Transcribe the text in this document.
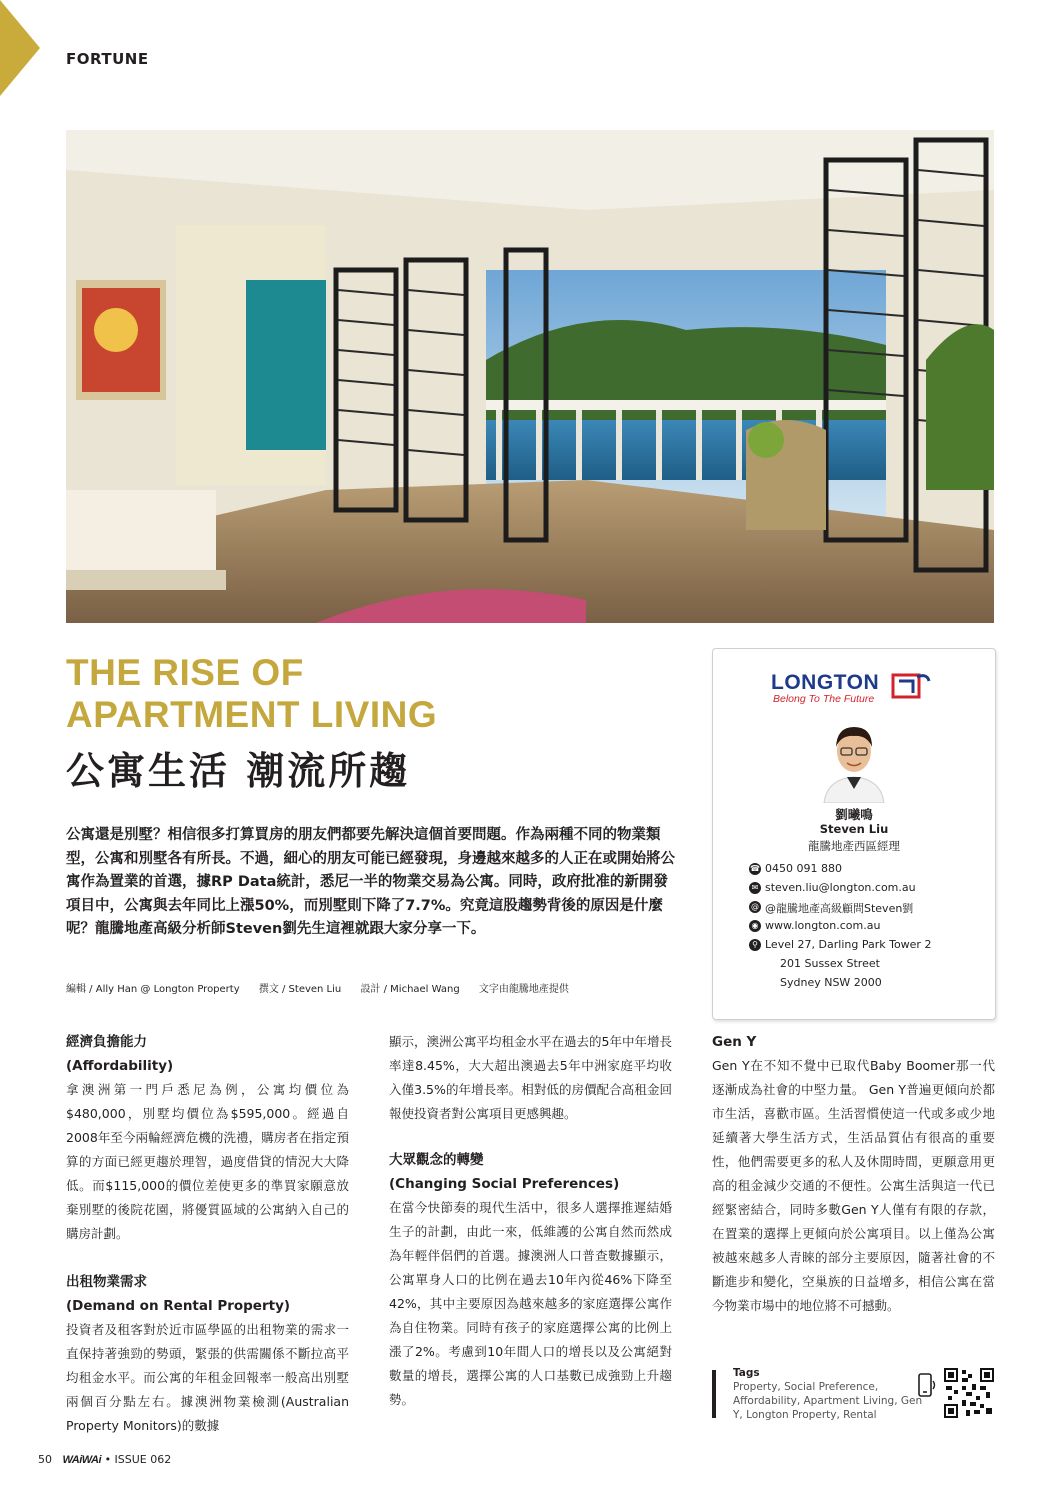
FORTUNE
THE RISE OF
APARTMENT LIVING
公寓生活 潮流所趨
公寓還是別墅？相信很多打算買房的朋友們都要先解決這個首要問題。作為兩種不同的物業類型，公寓和別墅各有所長。不過，細心的朋友可能已經發現，身邊越來越多的人正在或開始將公寓作為置業的首選，據RP Data統計，悉尼一半的物業交易為公寓。同時，政府批准的新開發項目中，公寓與去年同比上漲50%，而別墅則下降了7.7%。究竟這股趨勢背後的原因是什麼呢？龍騰地產高級分析師Steven劉先生這裡就跟大家分享一下。
編輯 / Ally Han @ Longton Property 撰文 / Steven Liu 設計 / Michael Wang 文字由龍騰地產提供
LONGTON
Belong To The Future
劉曦鳴
Steven Liu
龍騰地產西區經理
☎ 0450 091 880
✉ steven.liu@longton.com.au
@ @龍騰地產高級顧問Steven劉
◉ www.longton.com.au
⚲ Level 27, Darling Park Tower 2
201 Sussex Street
Sydney NSW 2000
經濟負擔能力
(Affordability)

拿澳洲第一門戶悉尼為例，公寓均價位為$480,000，別墅均價位為$595,000。經過自2008年至今兩輪經濟危機的洗禮，購房者在指定預算的方面已經更趨於理智，過度借貸的情況大大降低。而$115,000的價位差使更多的準買家願意放棄別墅的後院花園，將優質區域的公寓納入自己的購房計劃。

出租物業需求
(Demand on Rental Property)

投資者及租客對於近市區學區的出租物業的需求一直保持著強勁的勢頭，緊張的供需關係不斷拉高平均租金水平。而公寓的年租金回報率一般高出別墅兩個百分點左右。據澳洲物業檢測(Australian Property Monitors)的數據

顯示，澳洲公寓平均租金水平在過去的5年中年增長率達8.45%，大大超出澳過去5年中洲家庭平均收入僅3.5%的年增長率。相對低的房價配合高租金回報使投資者對公寓項目更感興趣。

大眾觀念的轉變
(Changing Social Preferences)

在當今快節奏的現代生活中，很多人選擇推遲結婚生子的計劃，由此一來，低維護的公寓自然而然成為年輕伴侶們的首選。據澳洲人口普查數據顯示，公寓單身人口的比例在過去10年內從46%下降至42%，其中主要原因為越來越多的家庭選擇公寓作為自住物業。同時有孩子的家庭選擇公寓的比例上漲了2%。考慮到10年間人口的增長以及公寓絕對數量的增長，選擇公寓的人口基數已成強勁上升趨勢。

Gen Y

Gen Y在不知不覺中已取代Baby Boomer那一代逐漸成為社會的中堅力量。 Gen Y普遍更傾向於都市生活，喜歡市區。生活習慣使這一代或多或少地延續著大學生活方式，生活品質佔有很高的重要性，他們需要更多的私人及休閒時間，更願意用更高的租金減少交通的不便性。公寓生活與這一代已經緊密結合，同時多數Gen Y人僅有有限的存款，在置業的選擇上更傾向於公寓項目。以上僅為公寓被越來越多人青睞的部分主要原因，隨著社會的不斷進步和變化，空巢族的日益增多，相信公寓在當今物業市場中的地位將不可撼動。

Tags
Property, Social Preference, Affordability, Apartment Living, Gen Y, Longton Property, Rental
50 WAiWAi • ISSUE 062
